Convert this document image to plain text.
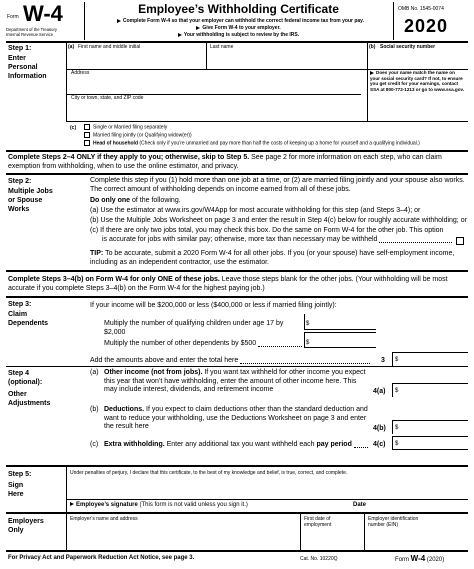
Form W-4
Department of the Treasury
Internal Revenue Service
Employee’s Withholding Certificate
Complete Form W-4 so that your employer can withhold the correct federal income tax from your pay.
Give Form W-4 to your employer.
Your withholding is subject to review by the IRS.
OMB No. 1545-0074
2020
Step 1:
Enter
Personal
Information
(a) First name and middle initial	Last name	(b) Social security number
Address
City or town, state, and ZIP code
Does your name match the name on your social security card? If not, to ensure you get credit for your earnings, contact SSA at 800-772-1213 or go to www.ssa.gov.
(c)	Single or Married filing separately
Married filing jointly (or Qualifying widow(er))
Head of household (Check only if you’re unmarried and pay more than half the costs of keeping up a home for yourself and a qualifying individual.)
Complete Steps 2–4 ONLY if they apply to you; otherwise, skip to Step 5. See page 2 for more information on each step, who can claim exemption from withholding, when to use the online estimator, and privacy.
Step 2:
Multiple Jobs
or Spouse
Works
Complete this step if you (1) hold more than one job at a time, or (2) are married filing jointly and your spouse also works. The correct amount of withholding depends on income earned from all of these jobs.
Do only one of the following.
(a) Use the estimator at www.irs.gov/W4App for most accurate withholding for this step (and Steps 3–4); or
(b) Use the Multiple Jobs Worksheet on page 3 and enter the result in Step 4(c) below for roughly accurate withholding; or
(c) If there are only two jobs total, you may check this box. Do the same on Form W-4 for the other job. This option
is accurate for jobs with similar pay; otherwise, more tax than necessary may be withheld
TIP: To be accurate, submit a 2020 Form W-4 for all other jobs. If you (or your spouse) have self-employment income, including as an independent contractor, use the estimator.
Complete Steps 3–4(b) on Form W-4 for only ONE of these jobs. Leave those steps blank for the other jobs. (Your withholding will be most accurate if you complete Steps 3–4(b) on the Form W-4 for the highest paying job.)
Step 3:
Claim
Dependents
If your income will be $200,000 or less ($400,000 or less if married filing jointly):
Multiply the number of qualifying children under age 17 by $2,000
$
Multiply the number of other dependents by $500	$
Add the amounts above and enter the total here	3 $
Step 4
(optional):
Other
Adjustments
(a) Other income (not from jobs). If you want tax withheld for other income you expect this year that won’t have withholding, enter the amount of other income here. This may include interest, dividends, and retirement income	4(a) $
(b) Deductions. If you expect to claim deductions other than the standard deduction and want to reduce your withholding, use the Deductions Worksheet on page 3 and enter the result here	4(b) $
(c) Extra withholding.
Enter any additional tax you want withheld each
pay period	4(c) $
Step 5:
Sign
Here
Under penalties of perjury, I declare that this certificate, to the best of my knowledge and belief, is true, correct, and complete.
Employee’s signature (This form is not valid unless you sign it.)	Date
Employers
Only
Employer’s name and address	First date of
employment
Employer identification
number (EIN)
For Privacy Act and Paperwork Reduction Act Notice, see page 3.	Cat. No. 10220Q	Form W-4 (2020)
